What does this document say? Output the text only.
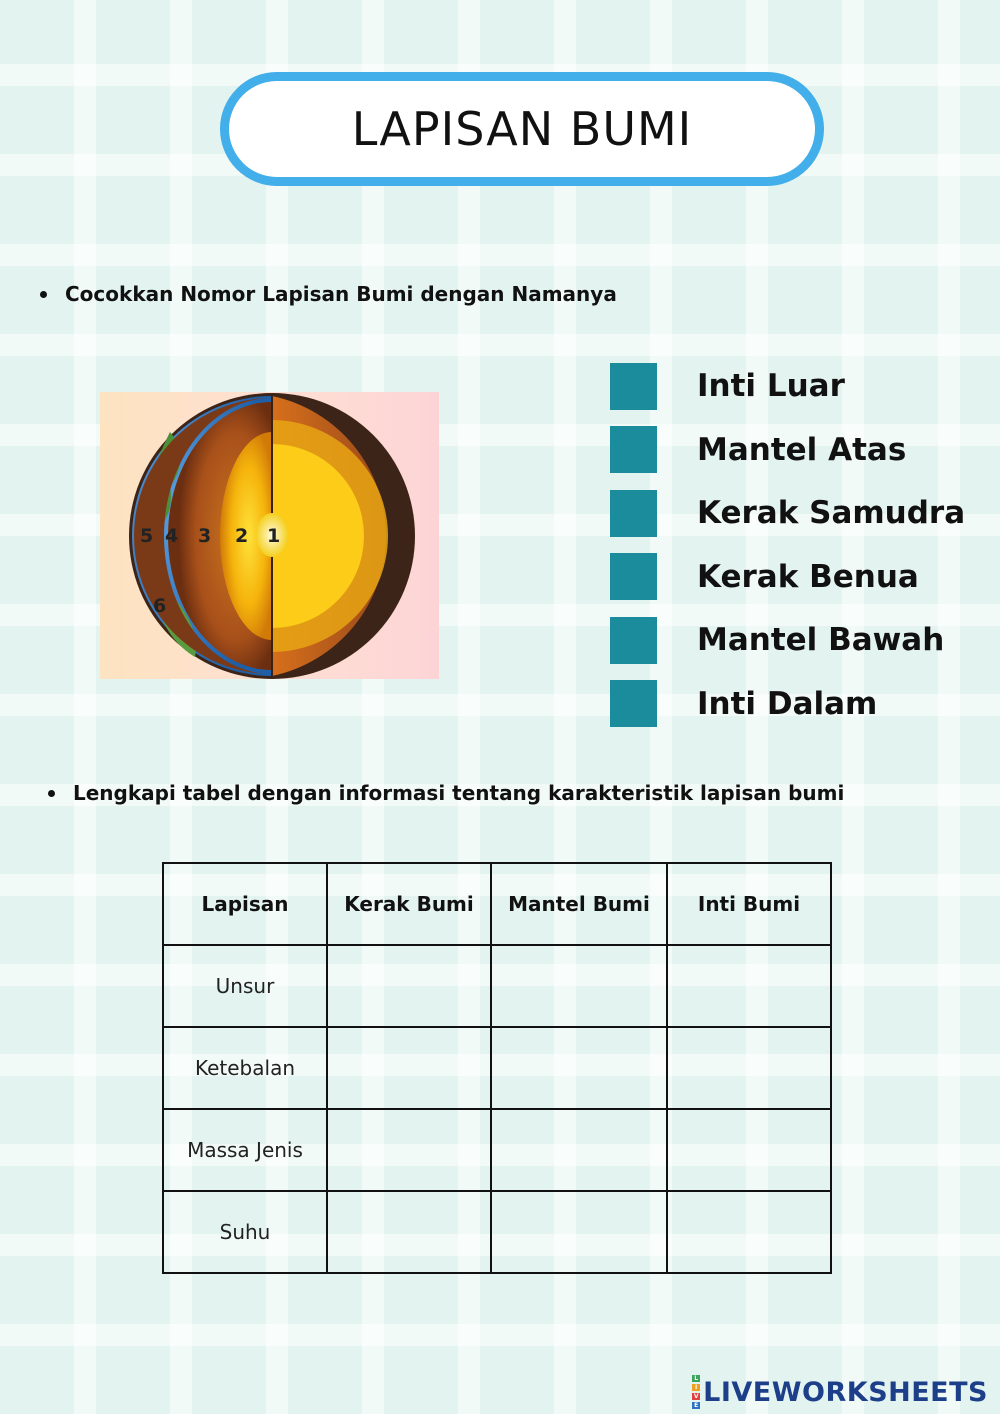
LAPISAN BUMI
Cocokkan Nomor Lapisan Bumi dengan Namanya
1
2
3
4
5
6
Inti Luar
Mantel Atas
Kerak Samudra
Kerak Benua
Mantel Bawah
Inti Dalam
Lengkapi tabel dengan informasi tentang karakteristik lapisan bumi
Lapisan	Kerak Bumi	Mantel Bumi	Inti Bumi
Unsur			
Ketebalan			
Massa Jenis			
Suhu			
L
I
V
E LIVEWORKSHEETS
